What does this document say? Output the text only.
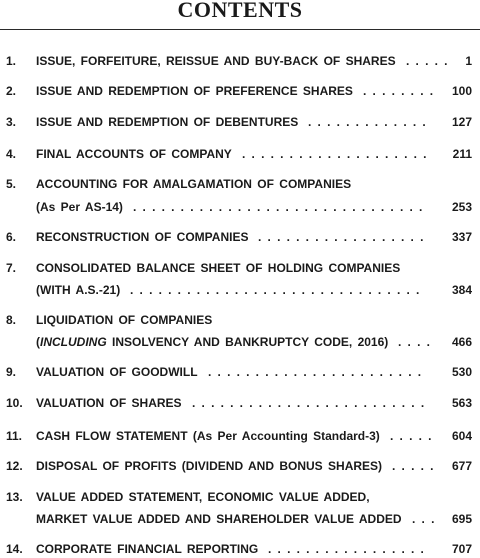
CONTENTS
1. ISSUE, FORFEITURE, REISSUE AND BUY-BACK OF SHARES	1
.....
2. ISSUE AND REDEMPTION OF PREFERENCE SHARES	100
........
3. ISSUE AND REDEMPTION OF DEBENTURES	127
.............
4. FINAL ACCOUNTS OF COMPANY	211
....................
5. ACCOUNTING FOR AMALGAMATION OF COMPANIES
(As Per AS-14)	253
...............................
6. RECONSTRUCTION OF COMPANIES	337
..................
7. CONSOLIDATED BALANCE SHEET OF HOLDING COMPANIES
(WITH A.S.-21)	384
...............................
8. LIQUIDATION OF COMPANIES
(INCLUDING INSOLVENCY AND BANKRUPTCY CODE, 2016)	466
....
9. VALUATION OF GOODWILL	530
.......................
10. VALUATION OF SHARES	563
.........................
11. CASH FLOW STATEMENT (As Per Accounting Standard-3)	604
.....
12. DISPOSAL OF PROFITS (DIVIDEND AND BONUS SHARES)	677
.....
13. VALUE ADDED STATEMENT, ECONOMIC VALUE ADDED,
MARKET VALUE ADDED AND SHAREHOLDER VALUE ADDED	695
...
14. CORPORATE FINANCIAL REPORTING	707
.................
